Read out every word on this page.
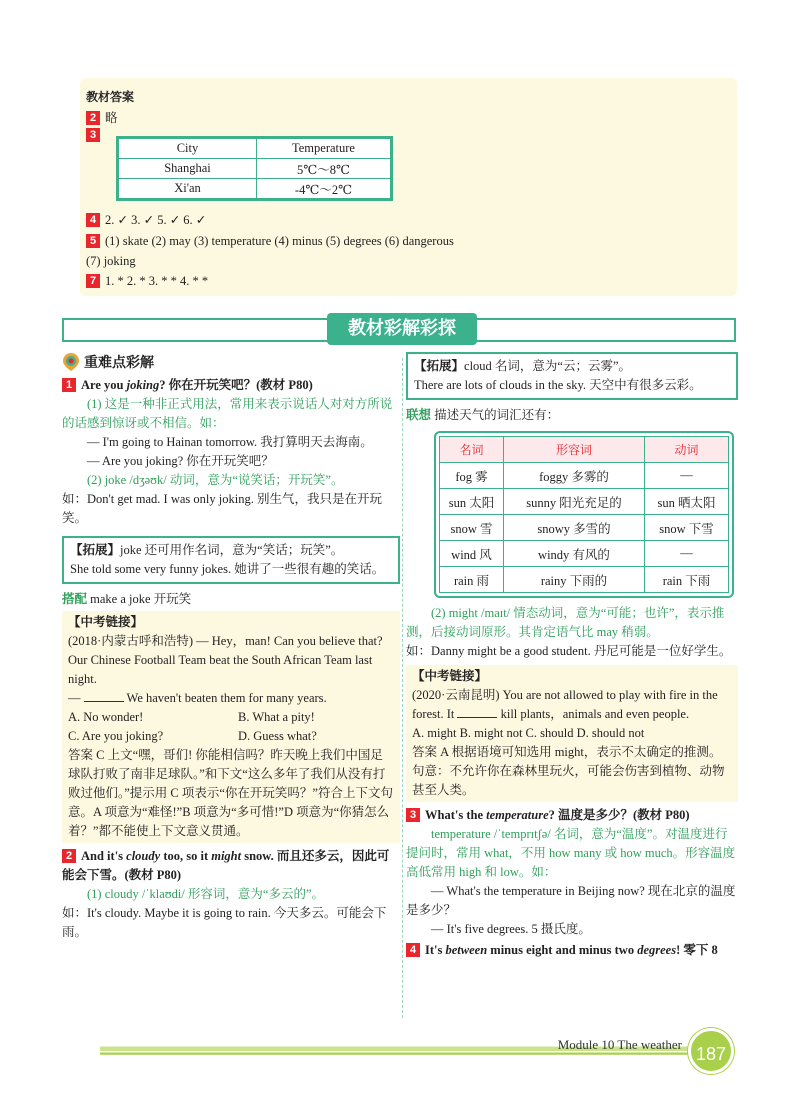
教材答案
2 略
3
City	Temperature
Shanghai	5℃～8℃
Xi'an	-4℃～2℃
4 2. ✓ 3. ✓ 5. ✓ 6. ✓
5 (1) skate (2) may (3) temperature (4) minus (5) degrees (6) dangerous
(7) joking
7 1. * 2. * 3. * * 4. * *
教材彩解彩探
重难点彩解

1 Are you joking? 你在开玩笑吧？(教材 P80)

(1) 这是一种非正式用法，常用来表示说话人对对方所说的话感到惊讶或不相信。如：

— I'm going to Hainan tomorrow. 我打算明天去海南。

— Are you joking? 你在开玩笑吧？

(2) joke /dʒəʊk/ 动词，意为“说笑话；开玩笑”。

如：Don't get mad. I was only joking. 别生气，我只是在开玩笑。

【拓展】joke 还可用作名词，意为“笑话；玩笑”。
She told some very funny jokes. 她讲了一些很有趣的笑话。

搭配 make a joke 开玩笑

【中考链接】

(2018·内蒙古呼和浩特) — Hey，man! Can you believe that? Our Chinese Football Team beat the South African Team last night.

—	We haven't beaten them for many years.

A. No wonder!	B. What a pity!

C. Are you joking?	D. Guess what?

答案 C 上文“嘿，哥们! 你能相信吗？昨天晚上我们中国足球队打败了南非足球队。”和下文“这么多年了我们从没有打败过他们。”提示用 C 项表示“你在开玩笑吗？”符合上下文句意。A 项意为“难怪!”B 项意为“多可惜!”D 项意为“你猜怎么着？”都不能使上下文意义贯通。

2 And it's cloudy too, so it might snow. 而且还多云，因此可能会下雪。(教材 P80)

(1) cloudy /ˈklaʊdi/ 形容词，意为“多云的”。

如：It's cloudy. Maybe it is going to rain. 今天多云。可能会下雨。

【拓展】cloud 名词，意为“云；云雾”。
There are lots of clouds in the sky. 天空中有很多云彩。

联想 描述天气的词汇还有：

名词	形容词	动词
fog 雾	foggy 多雾的	—
sun 太阳	sunny 阳光充足的	sun 晒太阳
snow 雪	snowy 多雪的	snow 下雪
wind 风	windy 有风的	—
rain 雨	rainy 下雨的	rain 下雨

(2) might /maɪt/ 情态动词，意为“可能；也许”，表示推测，后接动词原形。其肯定语气比 may 稍弱。

如：Danny might be a good student. 丹尼可能是一位好学生。

【中考链接】

(2020·云南昆明) You are not allowed to play with fire in the forest. It	kill plants，animals and even people.

A. might B. might not C. should D. should not

答案 A 根据语境可知选用 might，表示不太确定的推测。句意：不允许你在森林里玩火，可能会伤害到植物、动物甚至人类。

3 What's the temperature? 温度是多少？(教材 P80)

temperature /ˈtemprɪtʃə/ 名词，意为“温度”。对温度进行提问时，常用 what，不用 how many 或 how much。形容温度高低常用 high 和 low。如：

— What's the temperature in Beijing now? 现在北京的温度是多少？

— It's five degrees. 5 摄氏度。

4 It's between minus eight and minus two degrees! 零下 8

Module 10 The weather 187
